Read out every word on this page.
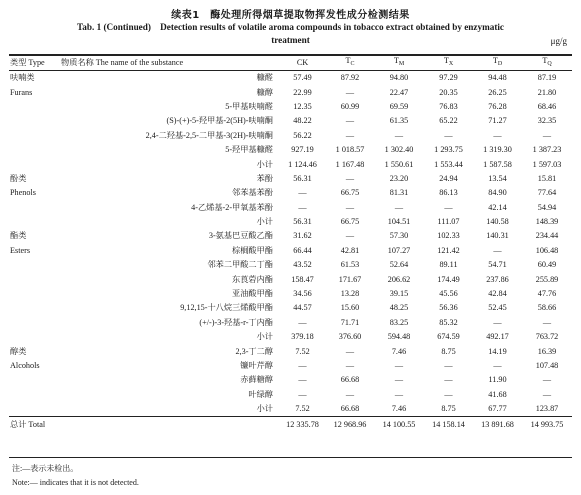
续表1　酶处理所得烟草提取物挥发性成分检测结果
Tab. 1 (Continued)　Detection results of volatile aroma compounds in tobacco extract obtained by enzymatic
treatment	μg/g
类型 Type	物质名称 The name of the substance	CK	$T_C$	$T_M$	$T_X$	$T_D$	$T_Q$
呋喃类	糠醛	57.49	87.92	94.80	97.29	94.48	87.19
Furans	糠醇	22.99	—	22.47	20.35	26.25	21.80
	5-甲基呋喃醛	12.35	60.99	69.59	76.83	76.28	68.46
	(S)-(+)-5-羟甲基-2(5H)-呋喃酮	48.22	—	61.35	65.22	71.27	32.35
	2,4-二羟基-2,5-二甲基-3(2H)-呋喃酮	56.22	—	—	—	—	—
	5-羟甲基糠醛	927.19	1 018.57	1 302.40	1 293.75	1 319.30	1 387.23
	小计	1 124.46	1 167.48	1 550.61	1 553.44	1 587.58	1 597.03
酚类	苯酚	56.31	—	23.20	24.94	13.54	15.81
Phenols	邻苯基苯酚	—	66.75	81.31	86.13	84.90	77.64
	4-乙烯基-2-甲氧基苯酚	—	—	—	—	42.14	54.94
	小计	56.31	66.75	104.51	111.07	140.58	148.39
酯类	3-氨基巴豆酸乙酯	31.62	—	57.30	102.33	140.31	234.44
Esters	棕榈酸甲酯	66.44	42.81	107.27	121.42	—	106.48
	邻苯二甲酸二丁酯	43.52	61.53	52.64	89.11	54.71	60.49
	东莨菪内酯	158.47	171.67	206.62	174.49	237.86	255.89
	亚油酸甲酯	34.56	13.28	39.15	45.56	42.84	47.76
	9,12,15-十八烷三烯酸甲酯	44.57	15.60	48.25	56.36	52.45	58.66
	(+/-)-3-羟基-r-丁内酯	—	71.71	83.25	85.32	—	—
	小计	379.18	376.60	594.48	674.59	492.17	763.72
醇类	2,3-丁二醇	7.52	—	7.46	8.75	14.19	16.39
Alcohols	镰叶芹醇	—	—	—	—	—	107.48
	赤藓糖醇	—	66.68	—	—	11.90	—
	叶绿醇	—	—	—	—	41.68	—
	小计	7.52	66.68	7.46	8.75	67.77	123.87
总计 Total		12 335.78	12 968.96	14 100.55	14 158.14	13 891.68	14 993.75
注:—表示未检出。
Note:— indicates that it is not detected.
